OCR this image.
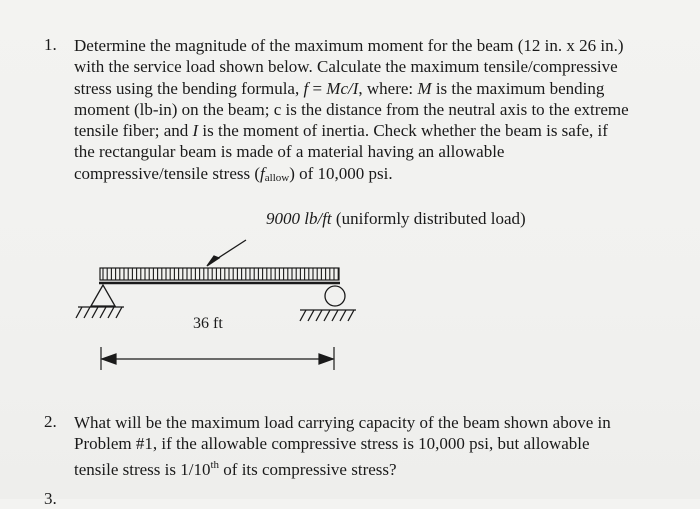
1. Determine the magnitude of the maximum moment for the beam (12 in. x 26 in.)

with the service load shown below. Calculate the maximum tensile/compressive

stress using the bending formula, f = Mc/I, where: M is the maximum bending

moment (lb-in) on the beam; c is the distance from the neutral axis to the extreme

tensile fiber; and I is the moment of inertia. Check whether the beam is safe, if

the rectangular beam is made of a material having an allowable

compressive/tensile stress (fallow) of 10,000 psi.

9000 lb/ft (uniformly distributed load)
36 ft
2. What will be the maximum load carrying capacity of the beam shown above in

Problem #1, if the allowable compressive stress is 10,000 psi, but allowable

tensile stress is 1/10th of its compressive stress?

3.
